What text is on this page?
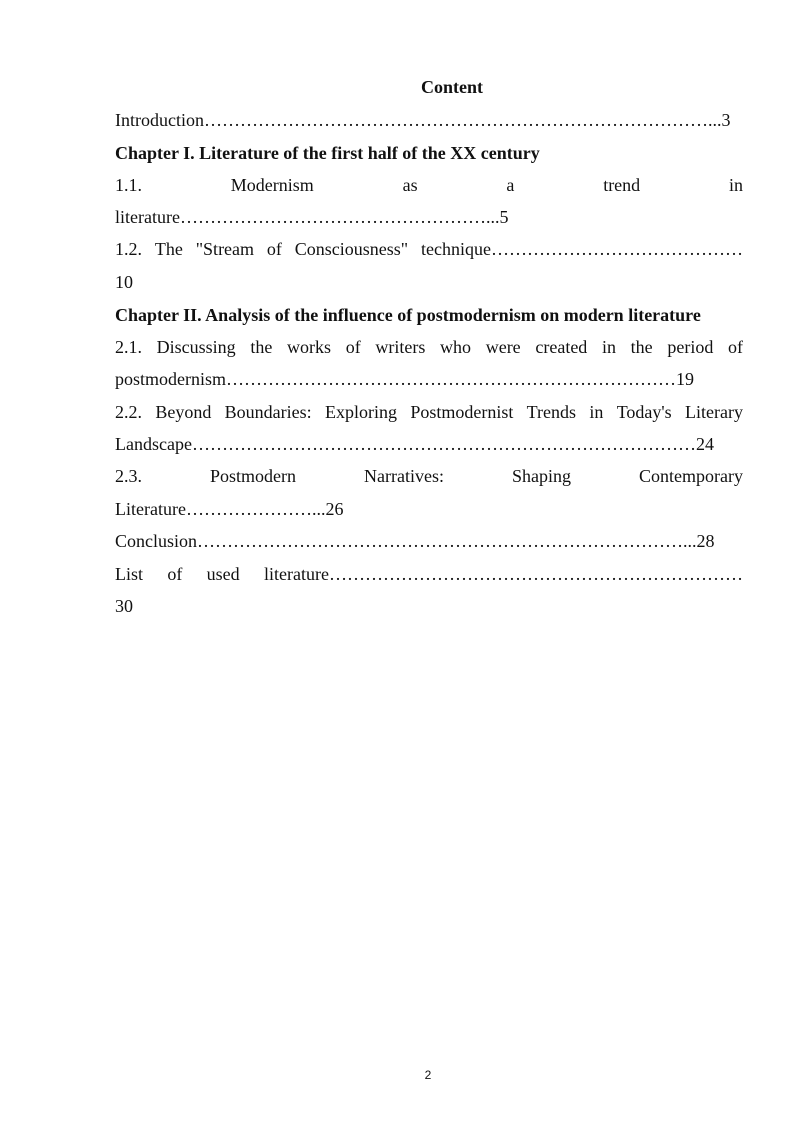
Content
Introduction…………………………………………………………………………...3
Chapter I. Literature of the first half of the XX century
1.1.	Modernism	as	a	trend	in
literature……………………………………………...5
1.2. The "Stream of Consciousness" technique……………………………………
10
Chapter II. Analysis of the influence of postmodernism on modern literature
2.1. Discussing the works of writers who were created in the period of
postmodernism…………………………………………………………………19
2.2. Beyond Boundaries: Exploring Postmodernist Trends in Today's Literary
Landscape…………………………………………………………………………24
2.3.	Postmodern	Narratives:	Shaping	Contemporary
Literature…………………...26
Conclusion………………………………………………………………………...28
List of used literature……………………………………………………………
30
2
